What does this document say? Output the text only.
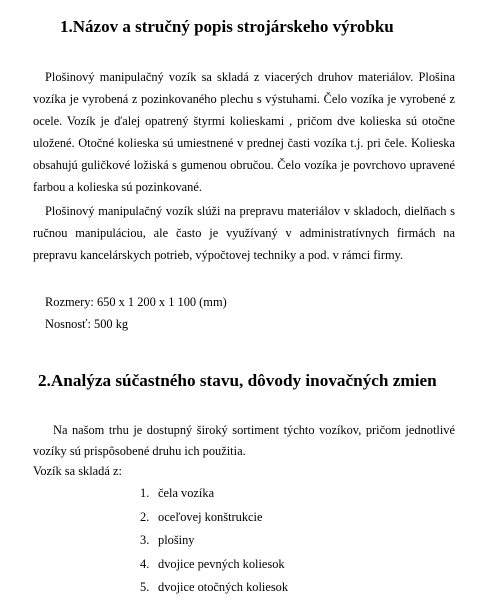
1.Názov a stručný popis strojárskeho výrobku

Plošinový manipulačný vozík sa skladá z viacerých druhov materiálov. Plošina vozíka je vyrobená z pozinkovaného plechu s výstuhami. Čelo vozíka je vyrobené z ocele. Vozík je ďalej opatrený štyrmi kolieskami , pričom dve kolieska sú otočne uložené. Otočné kolieska sú umiestnené v prednej časti vozíka t.j. pri čele. Kolieska obsahujú guličkové ložiská s gumenou obručou. Čelo vozíka je povrchovo upravené farbou a kolieska sú pozinkované.

Plošinový manipulačný vozík slúži na prepravu materiálov v skladoch, dielňach s ručnou manipuláciou, ale často je využívaný v administratívnych firmách na prepravu kancelárskych potrieb, výpočtovej techniky a pod. v rámci firmy.

Rozmery: 650 x 1 200 x 1 100 (mm)

Nosnosť: 500 kg

2.Analýza súčastného stavu, dôvody inovačných zmien

Na našom trhu je dostupný široký sortiment týchto vozíkov, pričom jednotlivé vozíky sú prispôsobené druhu ich použitia.

Vozík sa skladá z:

1. čela vozíka
2. oceľovej konštrukcie
3. plošiny
4. dvojice pevných koliesok
5. dvojice otočných koliesok
